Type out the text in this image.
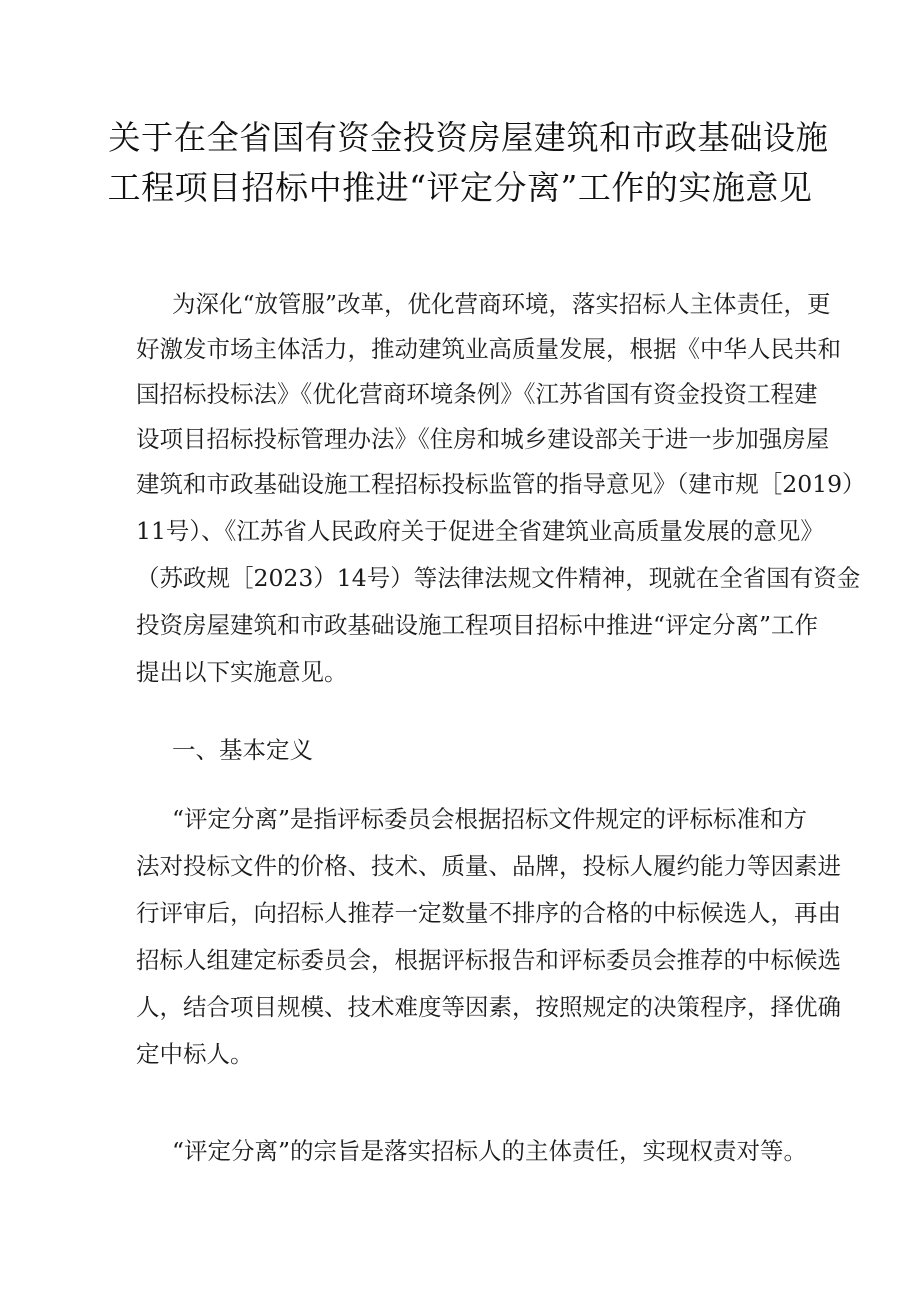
关于在全省国有资金投资房屋建筑和市政基础设施
工程项目招标中推进“评定分离”工作的实施意见
为深化“放管服”改革，优化营商环境，落实招标人主体责任，更
好激发市场主体活力，推动建筑业高质量发展，根据《中华人民共和
国招标投标法》《优化营商环境条例》《江苏省国有资金投资工程建
设项目招标投标管理办法》《住房和城乡建设部关于进一步加强房屋
建筑和市政基础设施工程招标投标监管的指导意见》（建市规［2019）
11号）、《江苏省人民政府关于促进全省建筑业高质量发展的意见》
（苏政规［2023）14号）等法律法规文件精神，现就在全省国有资金
投资房屋建筑和市政基础设施工程项目招标中推进“评定分离”工作
提出以下实施意见。
一、基本定义
“评定分离”是指评标委员会根据招标文件规定的评标标准和方
法对投标文件的价格、技术、质量、品牌，投标人履约能力等因素进
行评审后，向招标人推荐一定数量不排序的合格的中标候选人，再由
招标人组建定标委员会，根据评标报告和评标委员会推荐的中标候选
人，结合项目规模、技术难度等因素，按照规定的决策程序，择优确
定中标人。
“评定分离”的宗旨是落实招标人的主体责任，实现权责对等。
